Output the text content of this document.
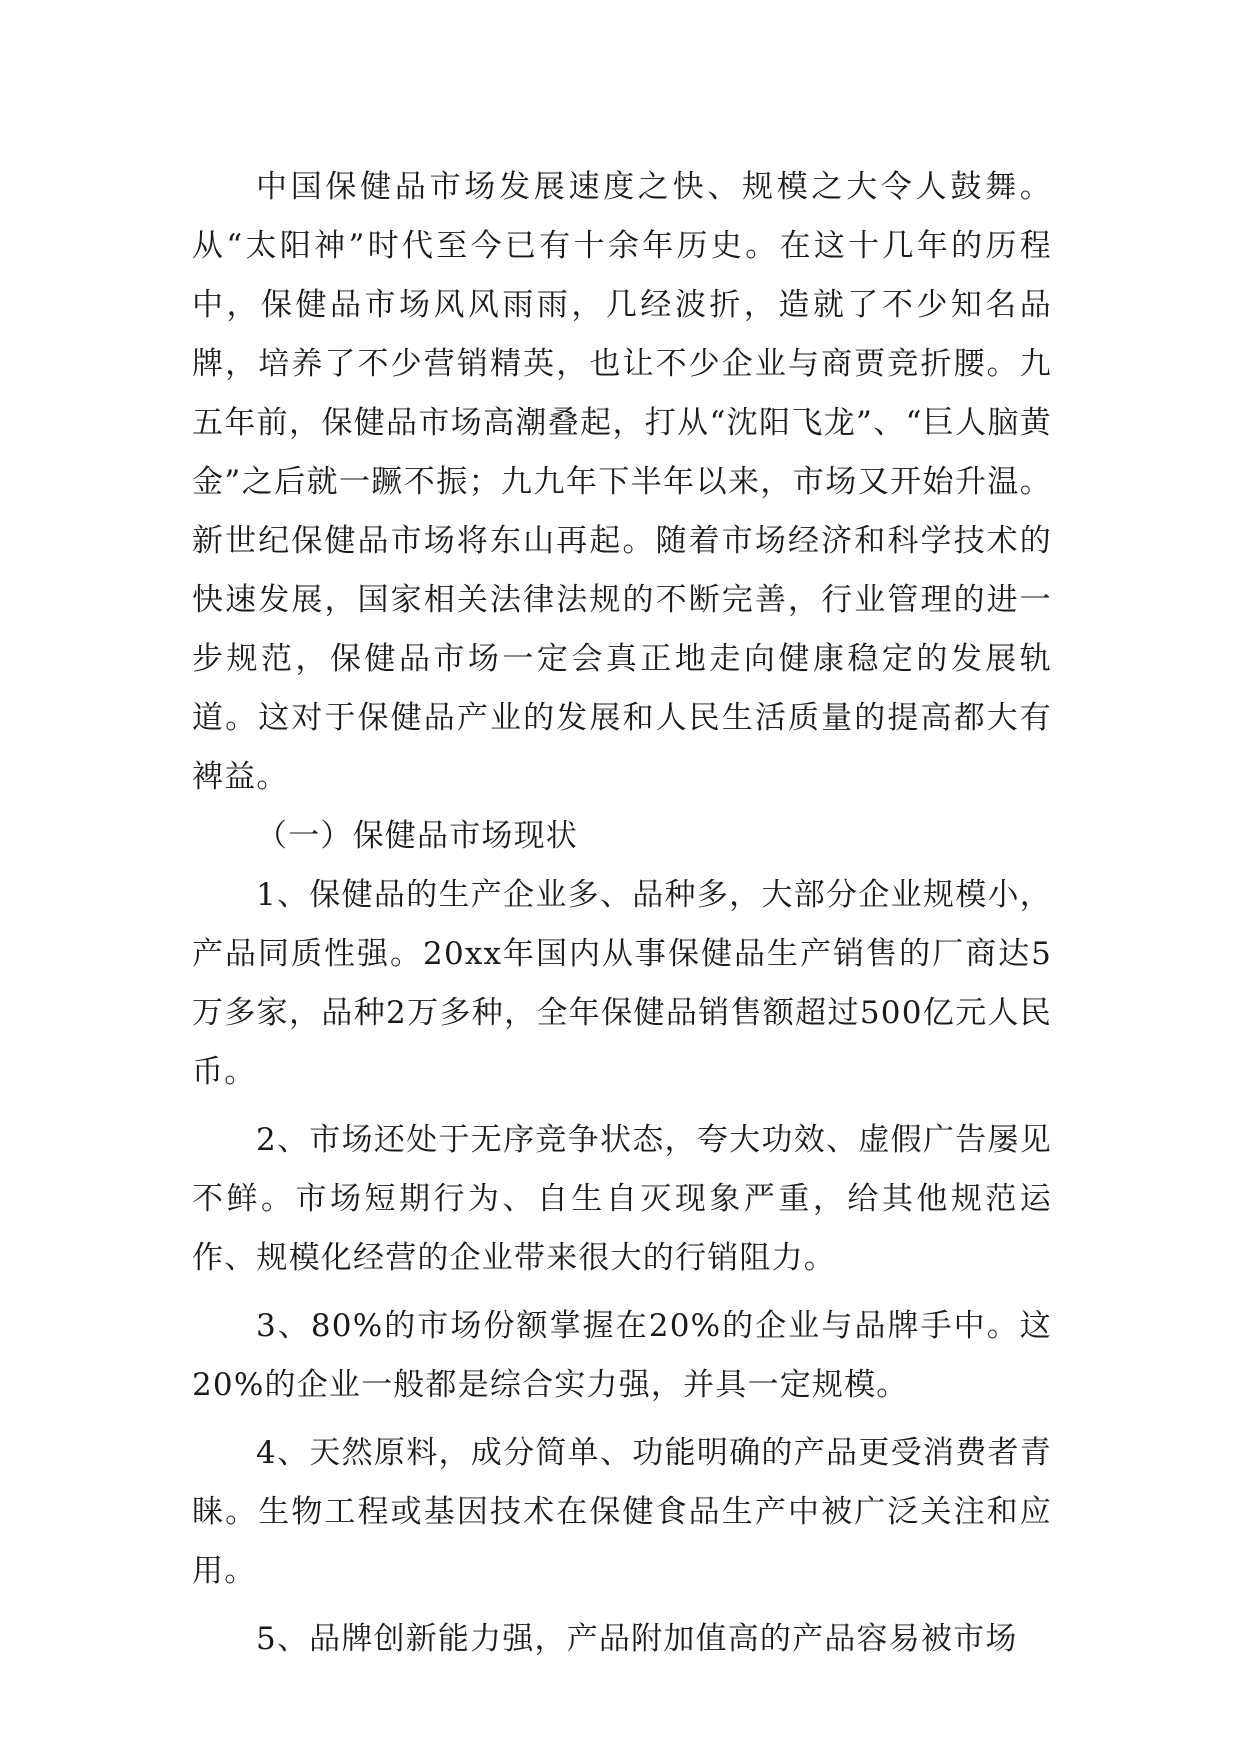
中国保健品市场发展速度之快、规模之大令人鼓舞。从“太阳神”时代至今已有十余年历史。在这十几年的历程中，保健品市场风风雨雨，几经波折，造就了不少知名品牌，培养了不少营销精英，也让不少企业与商贾竞折腰。九五年前，保健品市场高潮叠起，打从“沈阳飞龙”、“巨人脑黄金”之后就一蹶不振；九九年下半年以来，市场又开始升温。新世纪保健品市场将东山再起。随着市场经济和科学技术的快速发展，国家相关法律法规的不断完善，行业管理的进一步规范，保健品市场一定会真正地走向健康稳定的发展轨道。这对于保健品产业的发展和人民生活质量的提高都大有裨益。

（一）保健品市场现状

1、保健品的生产企业多、品种多，大部分企业规模小，产品同质性强。20xx年国内从事保健品生产销售的厂商达5万多家，品种2万多种，全年保健品销售额超过500亿元人民币。

2、市场还处于无序竞争状态，夸大功效、虚假广告屡见不鲜。市场短期行为、自生自灭现象严重，给其他规范运作、规模化经营的企业带来很大的行销阻力。

3、80%的市场份额掌握在20%的企业与品牌手中。这20%的企业一般都是综合实力强，并具一定规模。

4、天然原料，成分简单、功能明确的产品更受消费者青睐。生物工程或基因技术在保健食品生产中被广泛关注和应用。

5、品牌创新能力强，产品附加值高的产品容易被市场
